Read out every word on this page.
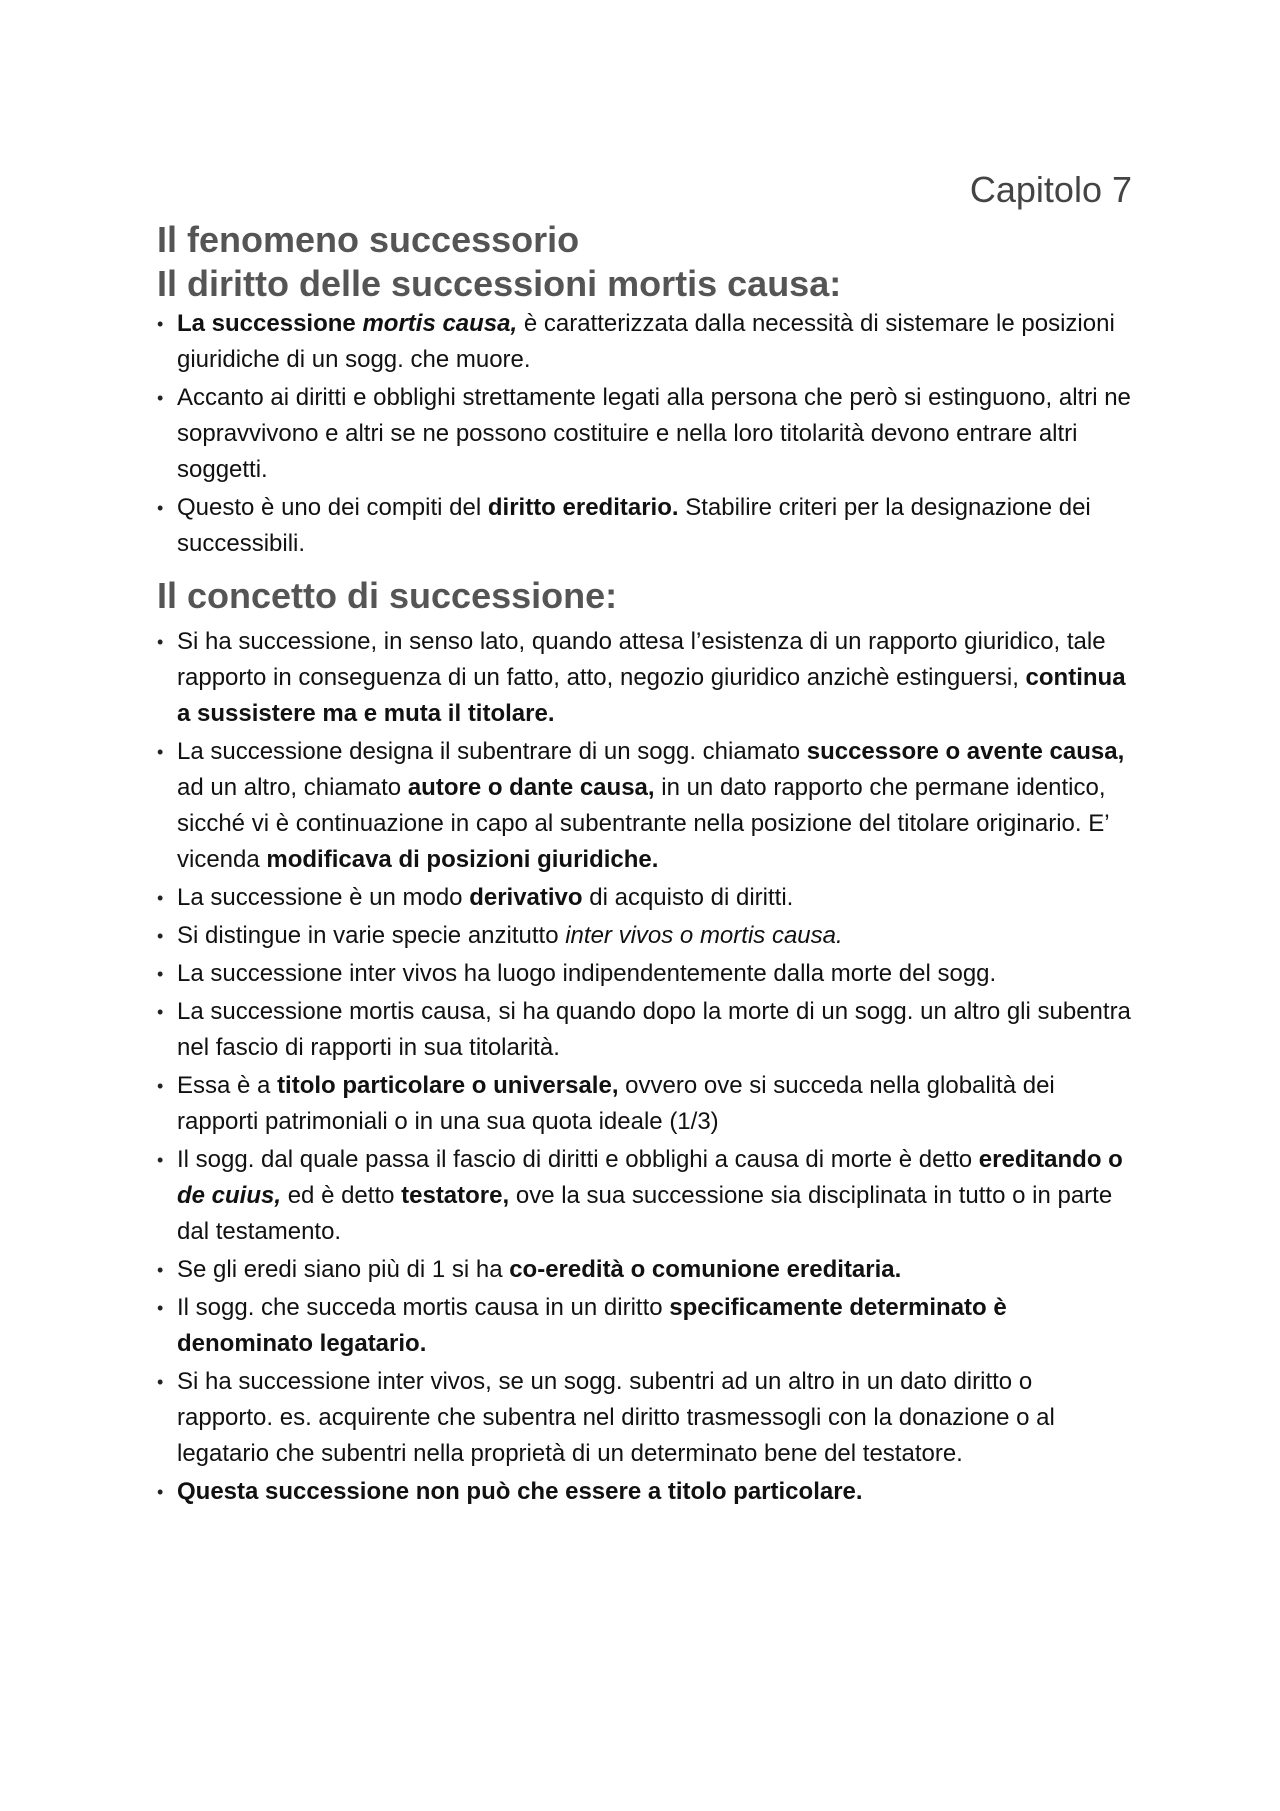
Capitolo 7
Il fenomeno successorio
Il diritto delle successioni mortis causa:
• La successione mortis causa, è caratterizzata dalla necessità di sistemare le posizioni giuridiche di un sogg. che muore.
• Accanto ai diritti e obblighi strettamente legati alla persona che però si estinguono, altri ne sopravvivono e altri se ne possono costituire e nella loro titolarità devono entrare altri soggetti.
• Questo è uno dei compiti del diritto ereditario. Stabilire criteri per la designazione dei successibili.
Il concetto di successione:
• Si ha successione, in senso lato, quando attesa l’esistenza di un rapporto giuridico, tale rapporto in conseguenza di un fatto, atto, negozio giuridico anzichè estinguersi, continua a sussistere ma e muta il titolare.
• La successione designa il subentrare di un sogg. chiamato successore o avente causa, ad un altro, chiamato autore o dante causa, in un dato rapporto che permane identico, sicché vi è continuazione in capo al subentrante nella posizione del titolare originario. E’ vicenda modificava di posizioni giuridiche.
• La successione è un modo derivativo di acquisto di diritti.
• Si distingue in varie specie anzitutto inter vivos o mortis causa.
• La successione inter vivos ha luogo indipendentemente dalla morte del sogg.
• La successione mortis causa, si ha quando dopo la morte di un sogg. un altro gli subentra nel fascio di rapporti in sua titolarità.
• Essa è a titolo particolare o universale, ovvero ove si succeda nella globalità dei rapporti patrimoniali o in una sua quota ideale (1/3)
• Il sogg. dal quale passa il fascio di diritti e obblighi a causa di morte è detto ereditando o de cuius, ed è detto testatore, ove la sua successione sia disciplinata in tutto o in parte dal testamento.
• Se gli eredi siano più di 1 si ha co-eredità o comunione ereditaria.
• Il sogg. che succeda mortis causa in un diritto specificamente determinato è denominato legatario.
• Si ha successione inter vivos, se un sogg. subentri ad un altro in un dato diritto o rapporto. es. acquirente che subentra nel diritto trasmessogli con la donazione o al legatario che subentri nella proprietà di un determinato bene del testatore.
• Questa successione non può che essere a titolo particolare.
